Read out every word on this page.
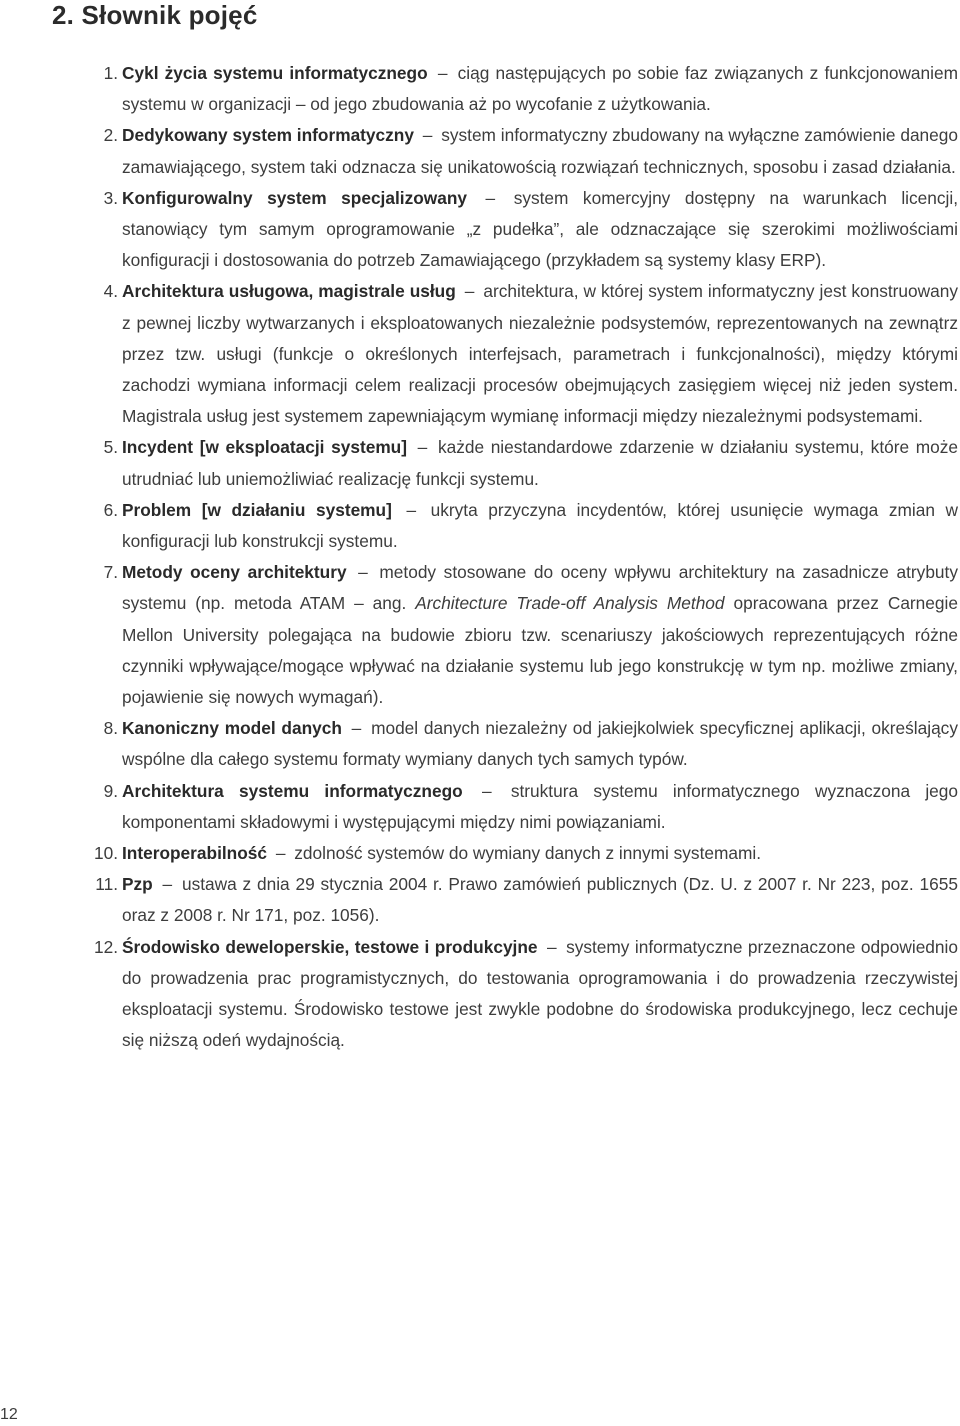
2. Słownik pojęć
1. Cykl życia systemu informatycznego – ciąg następujących po sobie faz związanych z funkcjonowaniem systemu w organizacji – od jego zbudowania aż po wycofanie z użytkowania.
2. Dedykowany system informatyczny – system informatyczny zbudowany na wyłączne zamówienie danego zamawiającego, system taki odznacza się unikatowością rozwiązań technicznych, sposobu i zasad działania.
3. Konfigurowalny system specjalizowany – system komercyjny dostępny na warunkach licencji, stanowiący tym samym oprogramowanie „z pudełka”, ale odznaczające się szerokimi możliwościami konfiguracji i dostosowania do potrzeb Zamawiającego (przykładem są systemy klasy ERP).
4. Architektura usługowa, magistrale usług – architektura, w której system informatyczny jest konstruowany z pewnej liczby wytwarzanych i eksploatowanych niezależnie podsystemów, reprezentowanych na zewnątrz przez tzw. usługi (funkcje o określonych interfejsach, parametrach i funkcjonalności), między którymi zachodzi wymiana informacji celem realizacji procesów obejmujących zasięgiem więcej niż jeden system. Magistrala usług jest systemem zapewniającym wymianę informacji między niezależnymi podsystemami.
5. Incydent [w eksploatacji systemu] – każde niestandardowe zdarzenie w działaniu systemu, które może utrudniać lub uniemożliwiać realizację funkcji systemu.
6. Problem [w działaniu systemu] – ukryta przyczyna incydentów, której usunięcie wymaga zmian w konfiguracji lub konstrukcji systemu.
7. Metody oceny architektury – metody stosowane do oceny wpływu architektury na zasadnicze atrybuty systemu (np. metoda ATAM – ang. Architecture Trade-off Analysis Method opracowana przez Carnegie Mellon University polegająca na budowie zbioru tzw. scenariuszy jakościowych reprezentujących różne czynniki wpływające/mogące wpływać na działanie systemu lub jego konstrukcję w tym np. możliwe zmiany, pojawienie się nowych wymagań).
8. Kanoniczny model danych – model danych niezależny od jakiejkolwiek specyficznej aplikacji, określający wspólne dla całego systemu formaty wymiany danych tych samych typów.
9. Architektura systemu informatycznego – struktura systemu informatycznego wyznaczona jego komponentami składowymi i występującymi między nimi powiązaniami.
10. Interoperabilność – zdolność systemów do wymiany danych z innymi systemami.
11. Pzp – ustawa z dnia 29 stycznia 2004 r. Prawo zamówień publicznych (Dz. U. z 2007 r. Nr 223, poz. 1655 oraz z 2008 r. Nr 171, poz. 1056).
12. Środowisko deweloperskie, testowe i produkcyjne – systemy informatyczne przeznaczone odpowiednio do prowadzenia prac programistycznych, do testowania oprogramowania i do prowadzenia rzeczywistej eksploatacji systemu. Środowisko testowe jest zwykle podobne do środowiska produkcyjnego, lecz cechuje się niższą odeń wydajnością.
12
